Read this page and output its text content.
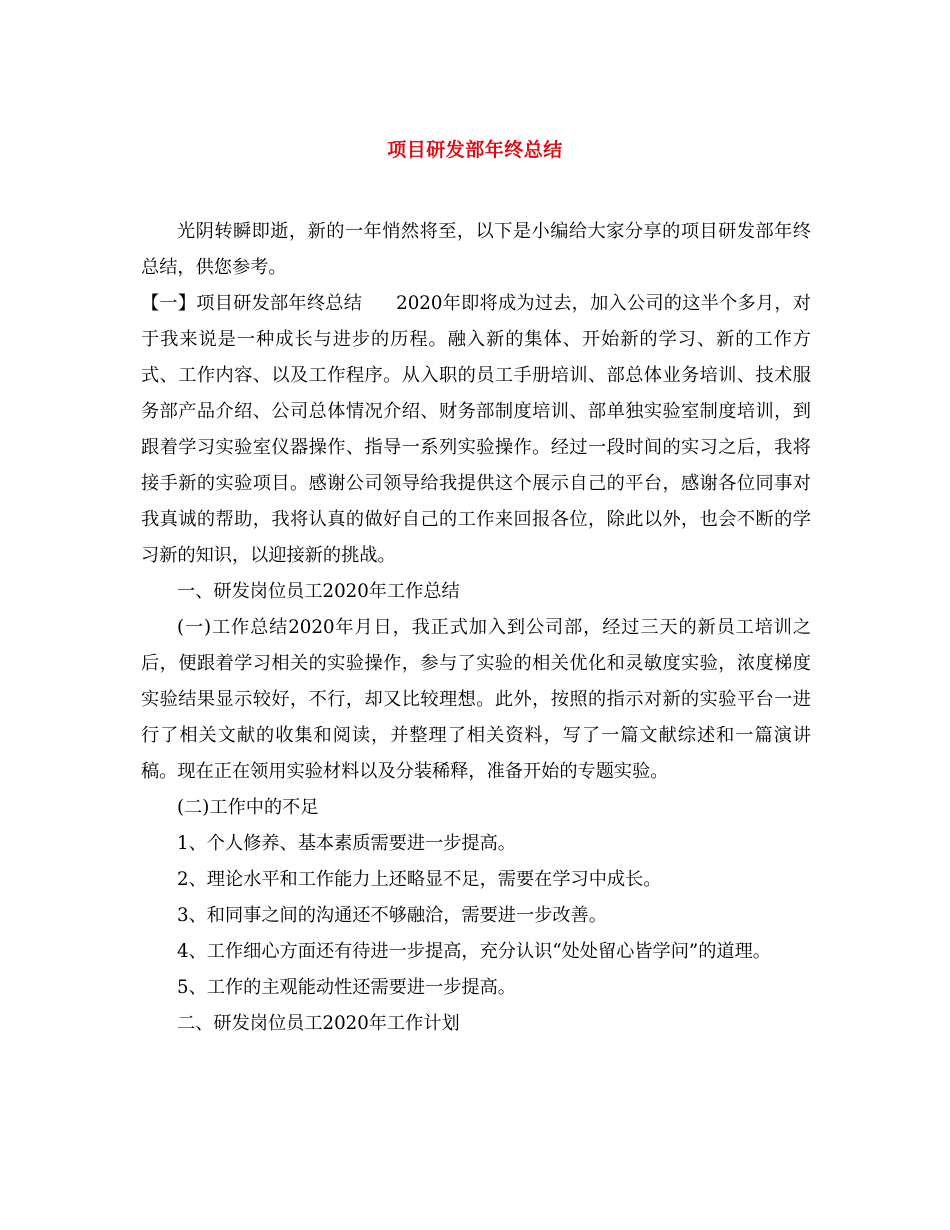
项目研发部年终总结

光阴转瞬即逝，新的一年悄然将至，以下是小编给大家分享的项目研发部年终总结，供您参考。

【一】项目研发部年终总结 2020年即将成为过去，加入公司的这半个多月，对于我来说是一种成长与进步的历程。融入新的集体、开始新的学习、新的工作方式、工作内容、以及工作程序。从入职的员工手册培训、部总体业务培训、技术服务部产品介绍、公司总体情况介绍、财务部制度培训、部单独实验室制度培训，到跟着学习实验室仪器操作、指导一系列实验操作。经过一段时间的实习之后，我将接手新的实验项目。感谢公司领导给我提供这个展示自己的平台，感谢各位同事对我真诚的帮助，我将认真的做好自己的工作来回报各位，除此以外，也会不断的学习新的知识，以迎接新的挑战。

一、研发岗位员工2020年工作总结

(一)工作总结2020年月日，我正式加入到公司部，经过三天的新员工培训之后，便跟着学习相关的实验操作，参与了实验的相关优化和灵敏度实验，浓度梯度实验结果显示较好，不行，却又比较理想。此外，按照的指示对新的实验平台一进行了相关文献的收集和阅读，并整理了相关资料，写了一篇文献综述和一篇演讲稿。现在正在领用实验材料以及分装稀释，准备开始的专题实验。

(二)工作中的不足

1、个人修养、基本素质需要进一步提高。

2、理论水平和工作能力上还略显不足，需要在学习中成长。

3、和同事之间的沟通还不够融洽，需要进一步改善。

4、工作细心方面还有待进一步提高，充分认识“处处留心皆学问”的道理。

5、工作的主观能动性还需要进一步提高。

二、研发岗位员工2020年工作计划
